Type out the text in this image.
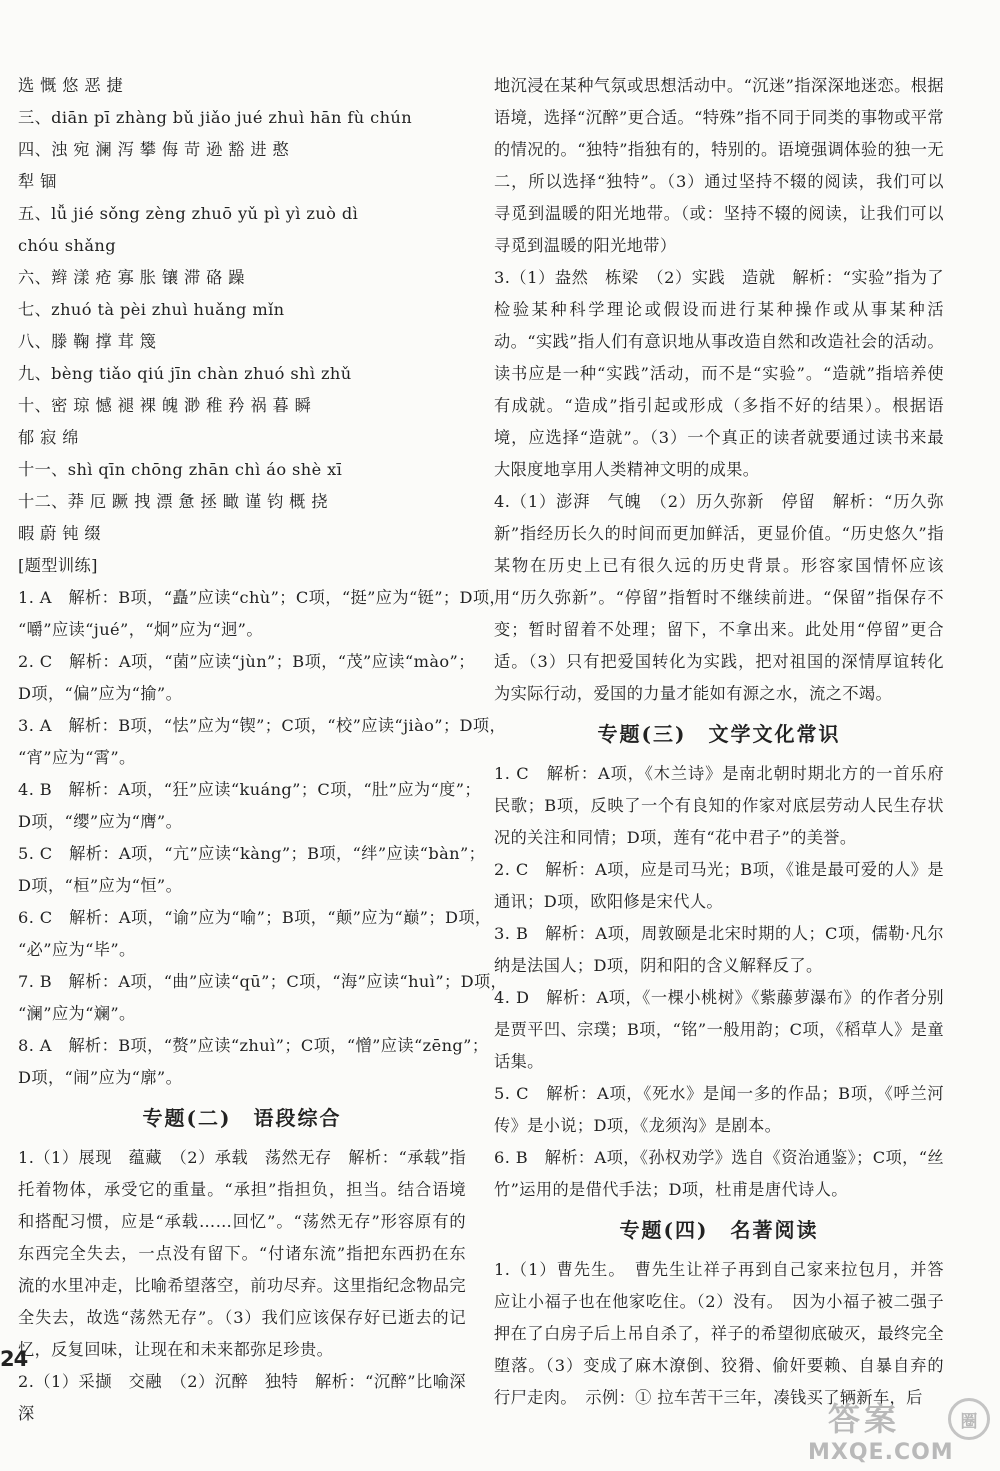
选 慨 悠 恶 捷

三、diān pī zhàng bǔ jiǎo jué zhuì hān fù chún

四、浊 宛 澜 泻 攀 侮 苛 逊 豁 进 憨

犁 锢

五、lǚ jié sǒng zèng zhuō yǔ pì yì zuò dì

chóu shǎng

六、辫 漾 疮 寡 胀 镶 滞 硌 躁

七、zhuó tà pèi zhuì huǎng mǐn

八、滕 鞠 撑 茸 篾

九、bèng tiǎo qiú jīn chàn zhuó shì zhǔ

十、密 琼 憾 褪 裸 魄 渺 稚 矜 祸 暮 瞬

郁 寂 绵

十一、shì qīn chōng zhān chì áo shè xī

十二、莽 厄 蹶 拽 漂 惫 拯 瞰 谨 钧 概 挠

暇 蔚 钝 缀

[题型训练]

1. A　解析：B项，“矗”应读“chù”；C项，“挺”应为“铤”；D项，

“嚼”应读“jué”，“炯”应为“迥”。

2. C　解析：A项，“菌”应读“jùn”；B项，“茂”应读“mào”；

D项，“偏”应为“揄”。

3. A　解析：B项，“怯”应为“锲”；C项，“校”应读“jiào”；D项，

“宵”应为“霄”。

4. B　解析：A项，“狂”应读“kuáng”；C项，“肚”应为“度”；

D项，“缨”应为“膺”。

5. C　解析：A项，“亢”应读“kàng”；B项，“绊”应读“bàn”；

D项，“桓”应为“恒”。

6. C　解析：A项，“谕”应为“喻”；B项，“颠”应为“巅”；D项，

“必”应为“毕”。

7. B　解析：A项，“曲”应读“qū”；C项，“海”应读“huì”；D项，

“澜”应为“斓”。

8. A　解析：B项，“赘”应读“zhuì”；C项，“憎”应读“zēng”；

D项，“闹”应为“廓”。

专题(二)　语段综合

1.（1）展现　蕴藏　（2）承载　荡然无存　解析：“承载”指托着物体，承受它的重量。“承担”指担负，担当。结合语境和搭配习惯，应是“承载……回忆”。“荡然无存”形容原有的东西完全失去，一点没有留下。“付诸东流”指把东西扔在东流的水里冲走，比喻希望落空，前功尽弃。这里指纪念物品完全失去，故选“荡然无存”。（3）我们应该保存好已逝去的记忆，反复回味，让现在和未来都弥足珍贵。

2.（1）采撷　交融　（2）沉醉　独特　解析：“沉醉”比喻深深

地沉浸在某种气氛或思想活动中。“沉迷”指深深地迷恋。根据语境，选择“沉醉”更合适。“特殊”指不同于同类的事物或平常的情况的。“独特”指独有的，特别的。语境强调体验的独一无二，所以选择“独特”。（3）通过坚持不辍的阅读，我们可以寻觅到温暖的阳光地带。（或：坚持不辍的阅读，让我们可以寻觅到温暖的阳光地带）

3.（1）盎然　栋梁　（2）实践　造就　解析：“实验”指为了检验某种科学理论或假设而进行某种操作或从事某种活动。“实践”指人们有意识地从事改造自然和改造社会的活动。读书应是一种“实践”活动，而不是“实验”。“造就”指培养使有成就。“造成”指引起或形成（多指不好的结果）。根据语境，应选择“造就”。（3）一个真正的读者就要通过读书来最大限度地享用人类精神文明的成果。

4.（1）澎湃　气魄　（2）历久弥新　停留　解析：“历久弥新”指经历长久的时间而更加鲜活，更显价值。“历史悠久”指某物在历史上已有很久远的历史背景。形容家国情怀应该用“历久弥新”。“停留”指暂时不继续前进。“保留”指保存不变；暂时留着不处理；留下，不拿出来。此处用“停留”更合适。（3）只有把爱国转化为实践，把对祖国的深情厚谊转化为实际行动，爱国的力量才能如有源之水，流之不竭。

专题(三)　文学文化常识

1. C　解析：A项，《木兰诗》是南北朝时期北方的一首乐府民歌；B项，反映了一个有良知的作家对底层劳动人民生存状况的关注和同情；D项，莲有“花中君子”的美誉。

2. C　解析：A项，应是司马光；B项，《谁是最可爱的人》是通讯；D项，欧阳修是宋代人。

3. B　解析：A项，周敦颐是北宋时期的人；C项，儒勒·凡尔纳是法国人；D项，阴和阳的含义解释反了。

4. D　解析：A项，《一棵小桃树》《紫藤萝瀑布》的作者分别是贾平凹、宗璞；B项，“铭”一般用韵；C项，《稻草人》是童话集。

5. C　解析：A项，《死水》是闻一多的作品；B项，《呼兰河传》是小说；D项，《龙须沟》是剧本。

6. B　解析：A项，《孙权劝学》选自《资治通鉴》；C项，“丝竹”运用的是借代手法；D项，杜甫是唐代诗人。

专题(四)　名著阅读

1.（1）曹先生。　曹先生让祥子再到自己家来拉包月，并答应让小福子也在他家吃住。（2）没有。　因为小福子被二强子押在了白房子后上吊自杀了，祥子的希望彻底破灭，最终完全堕落。（3）变成了麻木潦倒、狡猾、偷奸要赖、自暴自弃的行尸走肉。　示例：① 拉车苦干三年，凑钱买了辆新车，后

24
答案	圈
MXQE.COM
